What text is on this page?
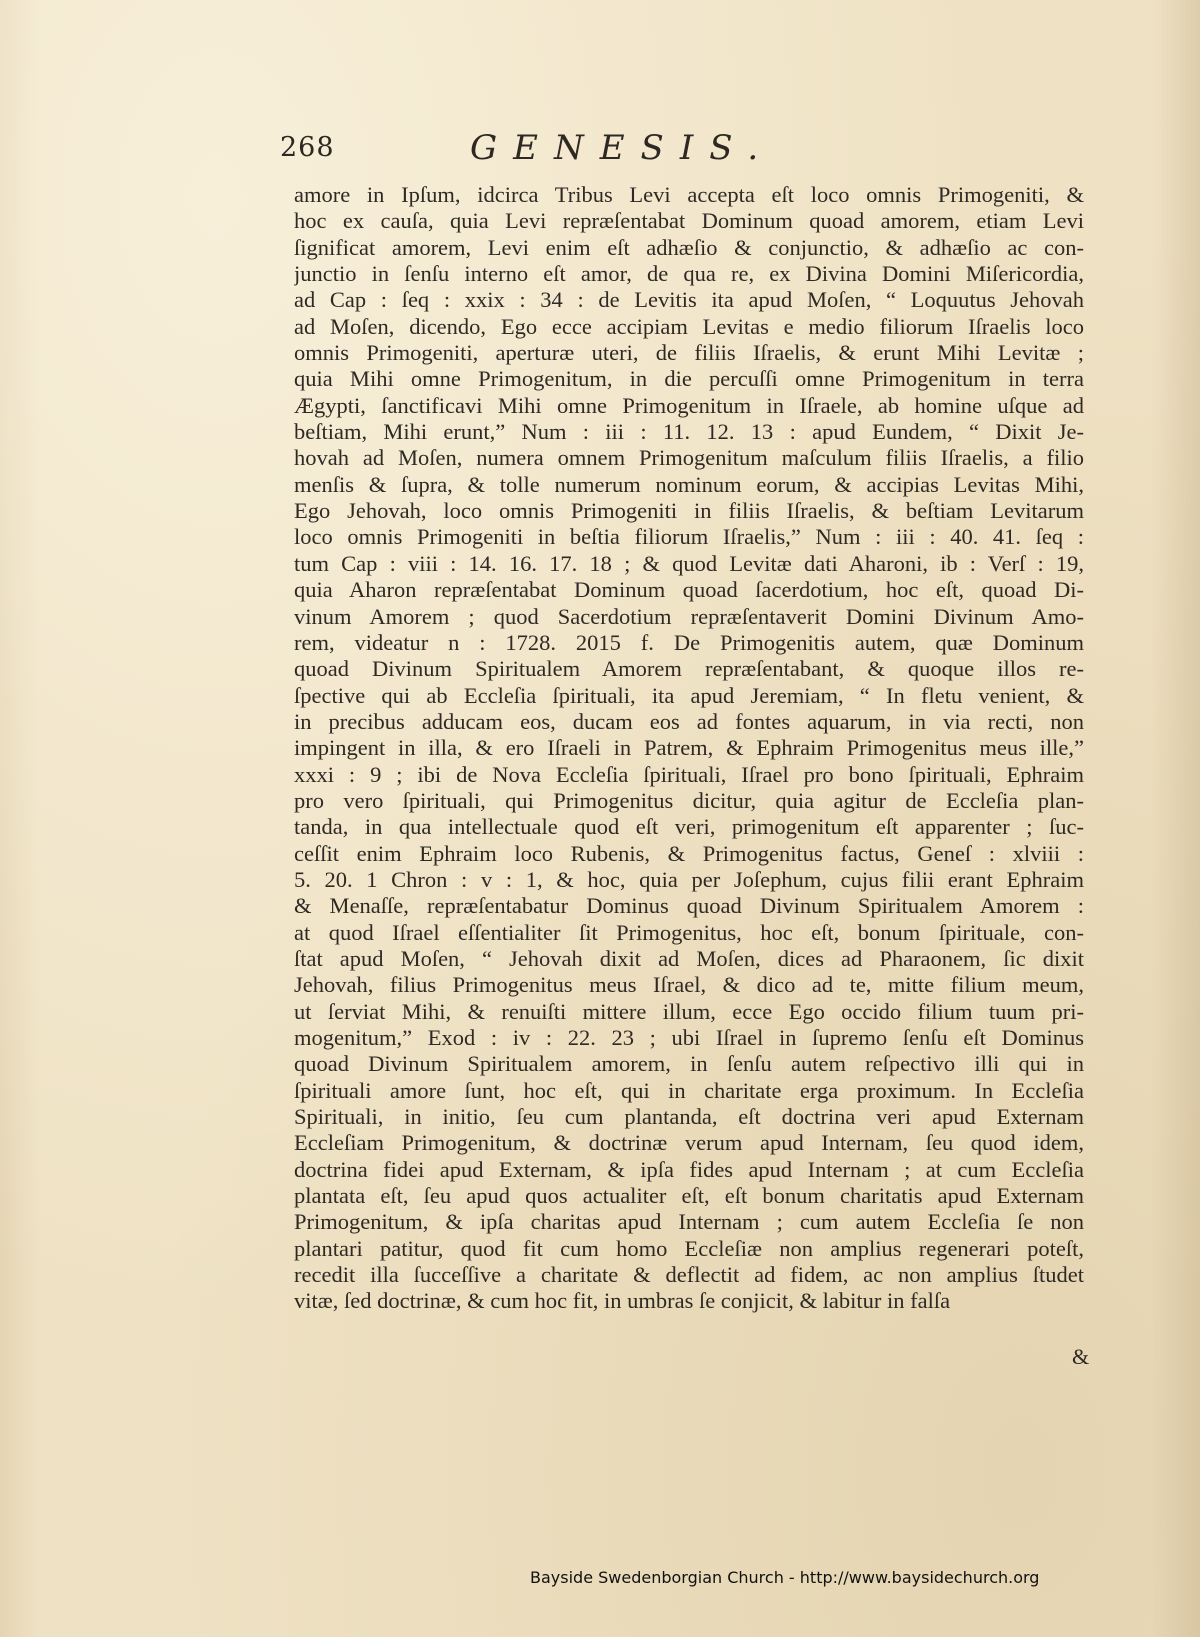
268	GENESIS.
amore in Ipſum, idcirca Tribus Levi accepta eſt loco omnis Primogeniti, &
hoc ex cauſa, quia Levi repræſentabat Dominum quoad amorem, etiam Levi
ſignificat amorem, Levi enim eſt adhæſio & conjunctio, & adhæſio ac con-
junctio in ſenſu interno eſt amor, de qua re, ex Divina Domini Miſericordia,
ad Cap : ſeq : xxix : 34 : de Levitis ita apud Moſen, “ Loquutus Jehovah
ad Moſen, dicendo, Ego ecce accipiam Levitas e medio filiorum Iſraelis loco
omnis Primogeniti, aperturæ uteri, de filiis Iſraelis, & erunt Mihi Levitæ ;
quia Mihi omne Primogenitum, in die percuſſi omne Primogenitum in terra
Ægypti, ſanctificavi Mihi omne Primogenitum in Iſraele, ab homine uſque ad
beſtiam, Mihi erunt,” Num : iii : 11. 12. 13 : apud Eundem, “ Dixit Je-
hovah ad Moſen, numera omnem Primogenitum maſculum filiis Iſraelis, a filio
menſis & ſupra, & tolle numerum nominum eorum, & accipias Levitas Mihi,
Ego Jehovah, loco omnis Primogeniti in filiis Iſraelis, & beſtiam Levitarum
loco omnis Primogeniti in beſtia filiorum Iſraelis,” Num : iii : 40. 41. ſeq :
tum Cap : viii : 14. 16. 17. 18 ; & quod Levitæ dati Aharoni, ib : Verſ : 19,
quia Aharon repræſentabat Dominum quoad ſacerdotium, hoc eſt, quoad Di-
vinum Amorem ; quod Sacerdotium repræſentaverit Domini Divinum Amo-
rem, videatur n : 1728. 2015 f. De Primogenitis autem, quæ Dominum
quoad Divinum Spiritualem Amorem repræſentabant, & quoque illos re-
ſpective qui ab Eccleſia ſpirituali, ita apud Jeremiam, “ In fletu venient, &
in precibus adducam eos, ducam eos ad fontes aquarum, in via recti, non
impingent in illa, & ero Iſraeli in Patrem, & Ephraim Primogenitus meus ille,”
xxxi : 9 ; ibi de Nova Eccleſia ſpirituali, Iſrael pro bono ſpirituali, Ephraim
pro vero ſpirituali, qui Primogenitus dicitur, quia agitur de Eccleſia plan-
tanda, in qua intellectuale quod eſt veri, primogenitum eſt apparenter ; ſuc-
ceſſit enim Ephraim loco Rubenis, & Primogenitus factus, Geneſ : xlviii :
5. 20. 1 Chron : v : 1, & hoc, quia per Joſephum, cujus filii erant Ephraim
& Menaſſe, repræſentabatur Dominus quoad Divinum Spiritualem Amorem :
at quod Iſrael eſſentialiter ſit Primogenitus, hoc eſt, bonum ſpirituale, con-
ſtat apud Moſen, “ Jehovah dixit ad Moſen, dices ad Pharaonem, ſic dixit
Jehovah, filius Primogenitus meus Iſrael, & dico ad te, mitte filium meum,
ut ſerviat Mihi, & renuiſti mittere illum, ecce Ego occido filium tuum pri-
mogenitum,” Exod : iv : 22. 23 ; ubi Iſrael in ſupremo ſenſu eſt Dominus
quoad Divinum Spiritualem amorem, in ſenſu autem reſpectivo illi qui in
ſpirituali amore ſunt, hoc eſt, qui in charitate erga proximum. In Eccleſia
Spirituali, in initio, ſeu cum plantanda, eſt doctrina veri apud Externam
Eccleſiam Primogenitum, & doctrinæ verum apud Internam, ſeu quod idem,
doctrina fidei apud Externam, & ipſa fides apud Internam ; at cum Eccleſia
plantata eſt, ſeu apud quos actualiter eſt, eſt bonum charitatis apud Externam
Primogenitum, & ipſa charitas apud Internam ; cum autem Eccleſia ſe non
plantari patitur, quod fit cum homo Eccleſiæ non amplius regenerari poteſt,
recedit illa ſucceſſive a charitate & deflectit ad fidem, ac non amplius ſtudet
vitæ, ſed doctrinæ, & cum hoc fit, in umbras ſe conjicit, & labitur in falſa
&
Bayside Swedenborgian Church - http://www.baysidechurch.org
